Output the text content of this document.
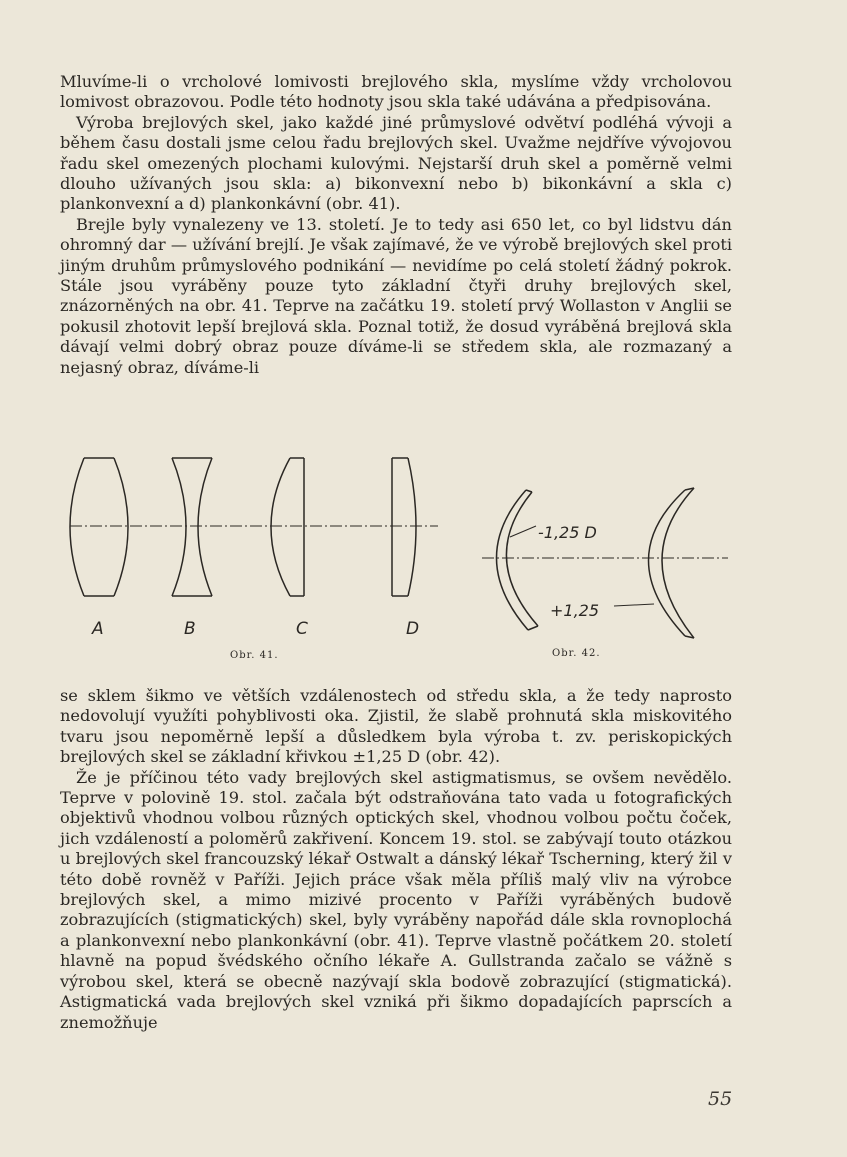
Mluvíme-li o vrcholové lomivosti brejlového skla, myslíme vždy vrcholovou lomivost obrazovou. Podle této hodnoty jsou skla také udávána a předpisována.

Výroba brejlových skel, jako každé jiné průmyslové odvětví podléhá vývoji a během času dostali jsme celou řadu brejlových skel. Uvažme nejdříve vývojovou řadu skel omezených plochami kulovými. Nejstarší druh skel a poměrně velmi dlouho užívaných jsou skla: a) bikonvexní nebo b) bikonkávní a skla c) plankonvexní a d) plankonkávní (obr. 41).

Brejle byly vynalezeny ve 13. století. Je to tedy asi 650 let, co byl lidstvu dán ohromný dar — užívání brejlí. Je však zajímavé, že ve výrobě brejlových skel proti jiným druhům průmyslového podnikání — nevidíme po celá století žádný pokrok. Stále jsou vyráběny pouze tyto základní čtyři druhy brejlových skel, znázorněných na obr. 41. Teprve na začátku 19. století prvý Wollaston v Anglii se pokusil zhotovit lepší brejlová skla. Poznal totiž, že dosud vyráběná brejlová skla dávají velmi dobrý obraz pouze díváme-li se středem skla, ale rozmazaný a nejasný obraz, díváme-li

A	B	C	D
Obr. 41.
-1,25 D
+1,25
Obr. 42.

se sklem šikmo ve větších vzdálenostech od středu skla, a že tedy naprosto nedovolují využíti pohyblivosti oka. Zjistil, že slabě prohnutá skla miskovitého tvaru jsou nepoměrně lepší a důsledkem byla výroba t. zv. periskopických brejlových skel se základní křivkou ±1,25 D (obr. 42).

Že je příčinou této vady brejlových skel astigmatismus, se ovšem nevědělo. Teprve v polovině 19. stol. začala být odstraňována tato vada u fotografických objektivů vhodnou volbou různých optických skel, vhodnou volbou počtu čoček, jich vzdáleností a poloměrů zakřivení. Koncem 19. stol. se zabývají touto otázkou u brejlových skel francouzský lékař Ostwalt a dánský lékař Tscherning, který žil v této době rovněž v Paříži. Jejich práce však měla příliš malý vliv na výrobce brejlových skel, a mimo mizivé procento v Paříži vyráběných budově zobrazujících (stigmatických) skel, byly vyráběny napořád dále skla rovnoplochá a plankonvexní nebo plankonkávní (obr. 41). Teprve vlastně počátkem 20. století hlavně na popud švédského očního lékaře A. Gullstranda začalo se vážně s výrobou skel, která se obecně nazývají skla bodově zobrazující (stigmatická). Astigmatická vada brejlových skel vzniká při šikmo dopadajících paprscích a znemožňuje

55
